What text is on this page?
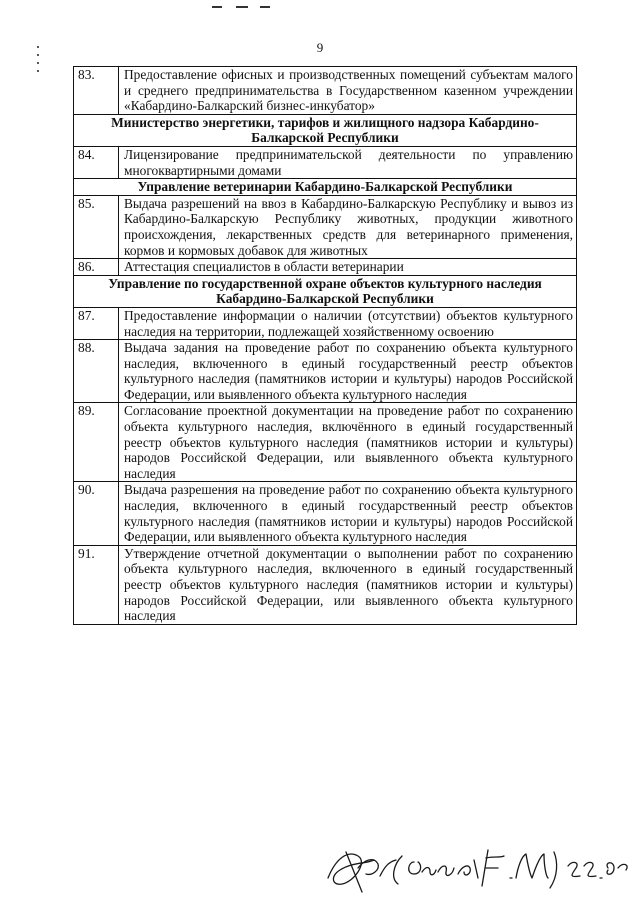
9
83.	Предоставление офисных и производственных помещений субъектам малого и среднего предпринимательства в Государственном казенном учреждении «Кабардино-Балкарский бизнес-инкубатор»
Министерство энергетики, тарифов и жилищного надзора Кабардино-Балкарской Республики	
84.	Лицензирование предпринимательской деятельности по управлению многоквартирными домами
Управление ветеринарии Кабардино-Балкарской Республики	
85.	Выдача разрешений на ввоз в Кабардино-Балкарскую Республику и вывоз из Кабардино-Балкарскую Республику животных, продукции животного происхождения, лекарственных средств для ветеринарного применения, кормов и кормовых добавок для животных
86.	Аттестация специалистов в области ветеринарии
Управление по государственной охране объектов культурного наследия Кабардино-Балкарской Республики	
87.	Предоставление информации о наличии (отсутствии) объектов культурного наследия на территории, подлежащей хозяйственному освоению
88.	Выдача задания на проведение работ по сохранению объекта культурного наследия, включенного в единый государственный реестр объектов культурного наследия (памятников истории и культуры) народов Российской Федерации, или выявленного объекта культурного наследия
89.	Согласование проектной документации на проведение работ по сохранению объекта культурного наследия, включённого в единый государственный реестр объектов культурного наследия (памятников истории и культуры) народов Российской Федерации, или выявленного объекта культурного наследия
90.	Выдача разрешения на проведение работ по сохранению объекта культурного наследия, включенного в единый государственный реестр объектов культурного наследия (памятников истории и культуры) народов Российской Федерации, или выявленного объекта культурного наследия
91.	Утверждение отчетной документации о выполнении работ по сохранению объекта культурного наследия, включенного в единый государственный реестр объектов культурного наследия (памятников истории и культуры) народов Российской Федерации, или выявленного объекта культурного наследия
(Сахаев Ф.М.) 22.08.2018
